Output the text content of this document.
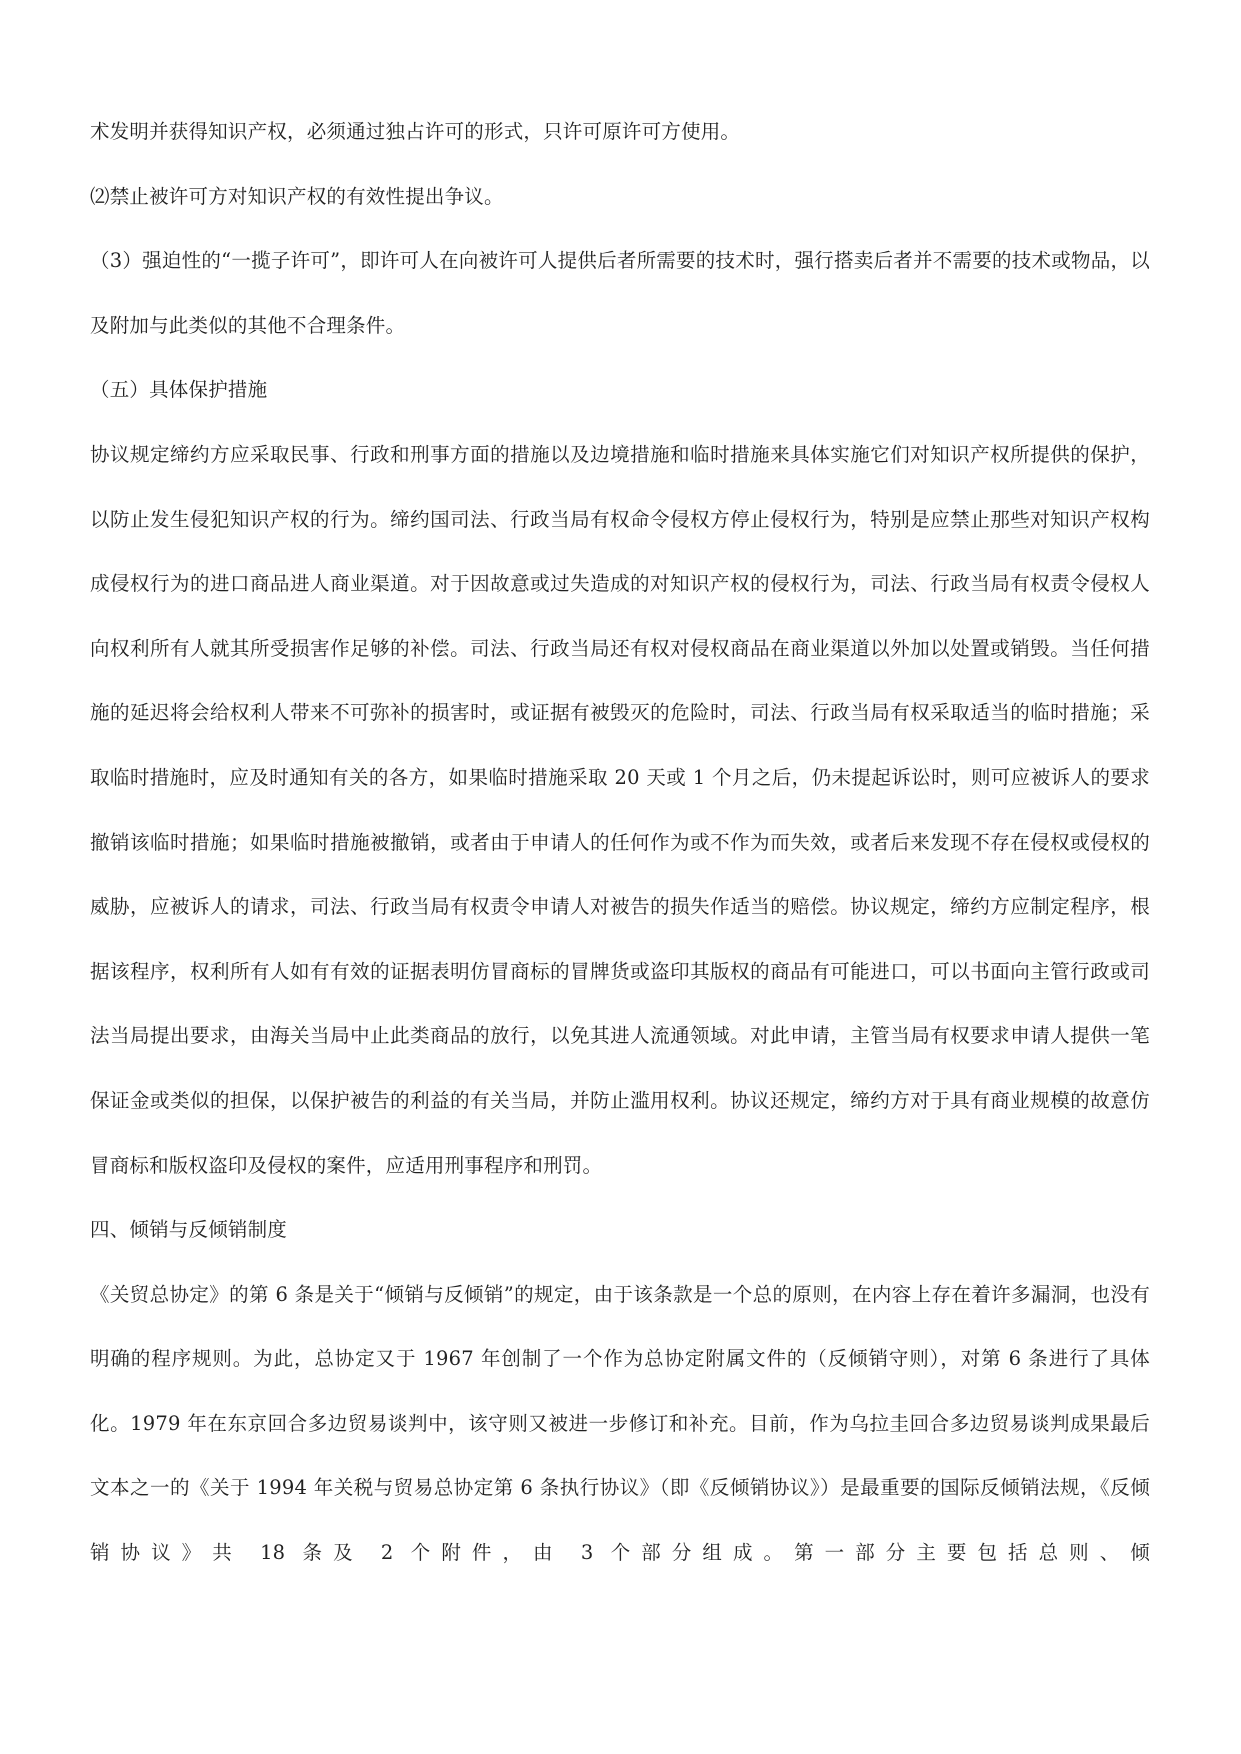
术发明并获得知识产权，必须通过独占许可的形式，只许可原许可方使用。

⑵禁止被许可方对知识产权的有效性提出争议。

（3）强迫性的“一揽子许可”，即许可人在向被许可人提供后者所需要的技术时，强行搭卖后者并不需要的技术或物品，以及附加与此类似的其他不合理条件。

（五）具体保护措施

协议规定缔约方应采取民事、行政和刑事方面的措施以及边境措施和临时措施来具体实施它们对知识产权所提供的保护，以防止发生侵犯知识产权的行为。缔约国司法、行政当局有权命令侵权方停止侵权行为，特别是应禁止那些对知识产权构成侵权行为的进口商品进人商业渠道。对于因故意或过失造成的对知识产权的侵权行为，司法、行政当局有权责令侵权人向权利所有人就其所受损害作足够的补偿。司法、行政当局还有权对侵权商品在商业渠道以外加以处置或销毁。当任何措施的延迟将会给权利人带来不可弥补的损害时，或证据有被毁灭的危险时，司法、行政当局有权采取适当的临时措施；采取临时措施时，应及时通知有关的各方，如果临时措施采取 20 天或 1 个月之后，仍未提起诉讼时，则可应被诉人的要求撤销该临时措施；如果临时措施被撤销，或者由于申请人的任何作为或不作为而失效，或者后来发现不存在侵权或侵权的威胁，应被诉人的请求，司法、行政当局有权责令申请人对被告的损失作适当的赔偿。协议规定，缔约方应制定程序，根据该程序，权利所有人如有有效的证据表明仿冒商标的冒牌货或盗印其版权的商品有可能进口，可以书面向主管行政或司法当局提出要求，由海关当局中止此类商品的放行，以免其进人流通领域。对此申请，主管当局有权要求申请人提供一笔保证金或类似的担保，以保护被告的利益的有关当局，并防止滥用权利。协议还规定，缔约方对于具有商业规模的故意仿冒商标和版权盗印及侵权的案件，应适用刑事程序和刑罚。

四、倾销与反倾销制度

《关贸总协定》的第 6 条是关于“倾销与反倾销”的规定，由于该条款是一个总的原则，在内容上存在着许多漏洞，也没有明确的程序规则。为此，总协定又于 1967 年创制了一个作为总协定附属文件的（反倾销守则），对第 6 条进行了具体化。1979 年在东京回合多边贸易谈判中，该守则又被进一步修订和补充。目前，作为乌拉圭回合多边贸易谈判成果最后文本之一的《关于 1994 年关税与贸易总协定第 6 条执行协议》（即《反倾销协议》）是最重要的国际反倾销法规，《反倾销协议》共 18 条及 2 个附件，由 3 个部分组成。第一部分主要包括总则、倾
